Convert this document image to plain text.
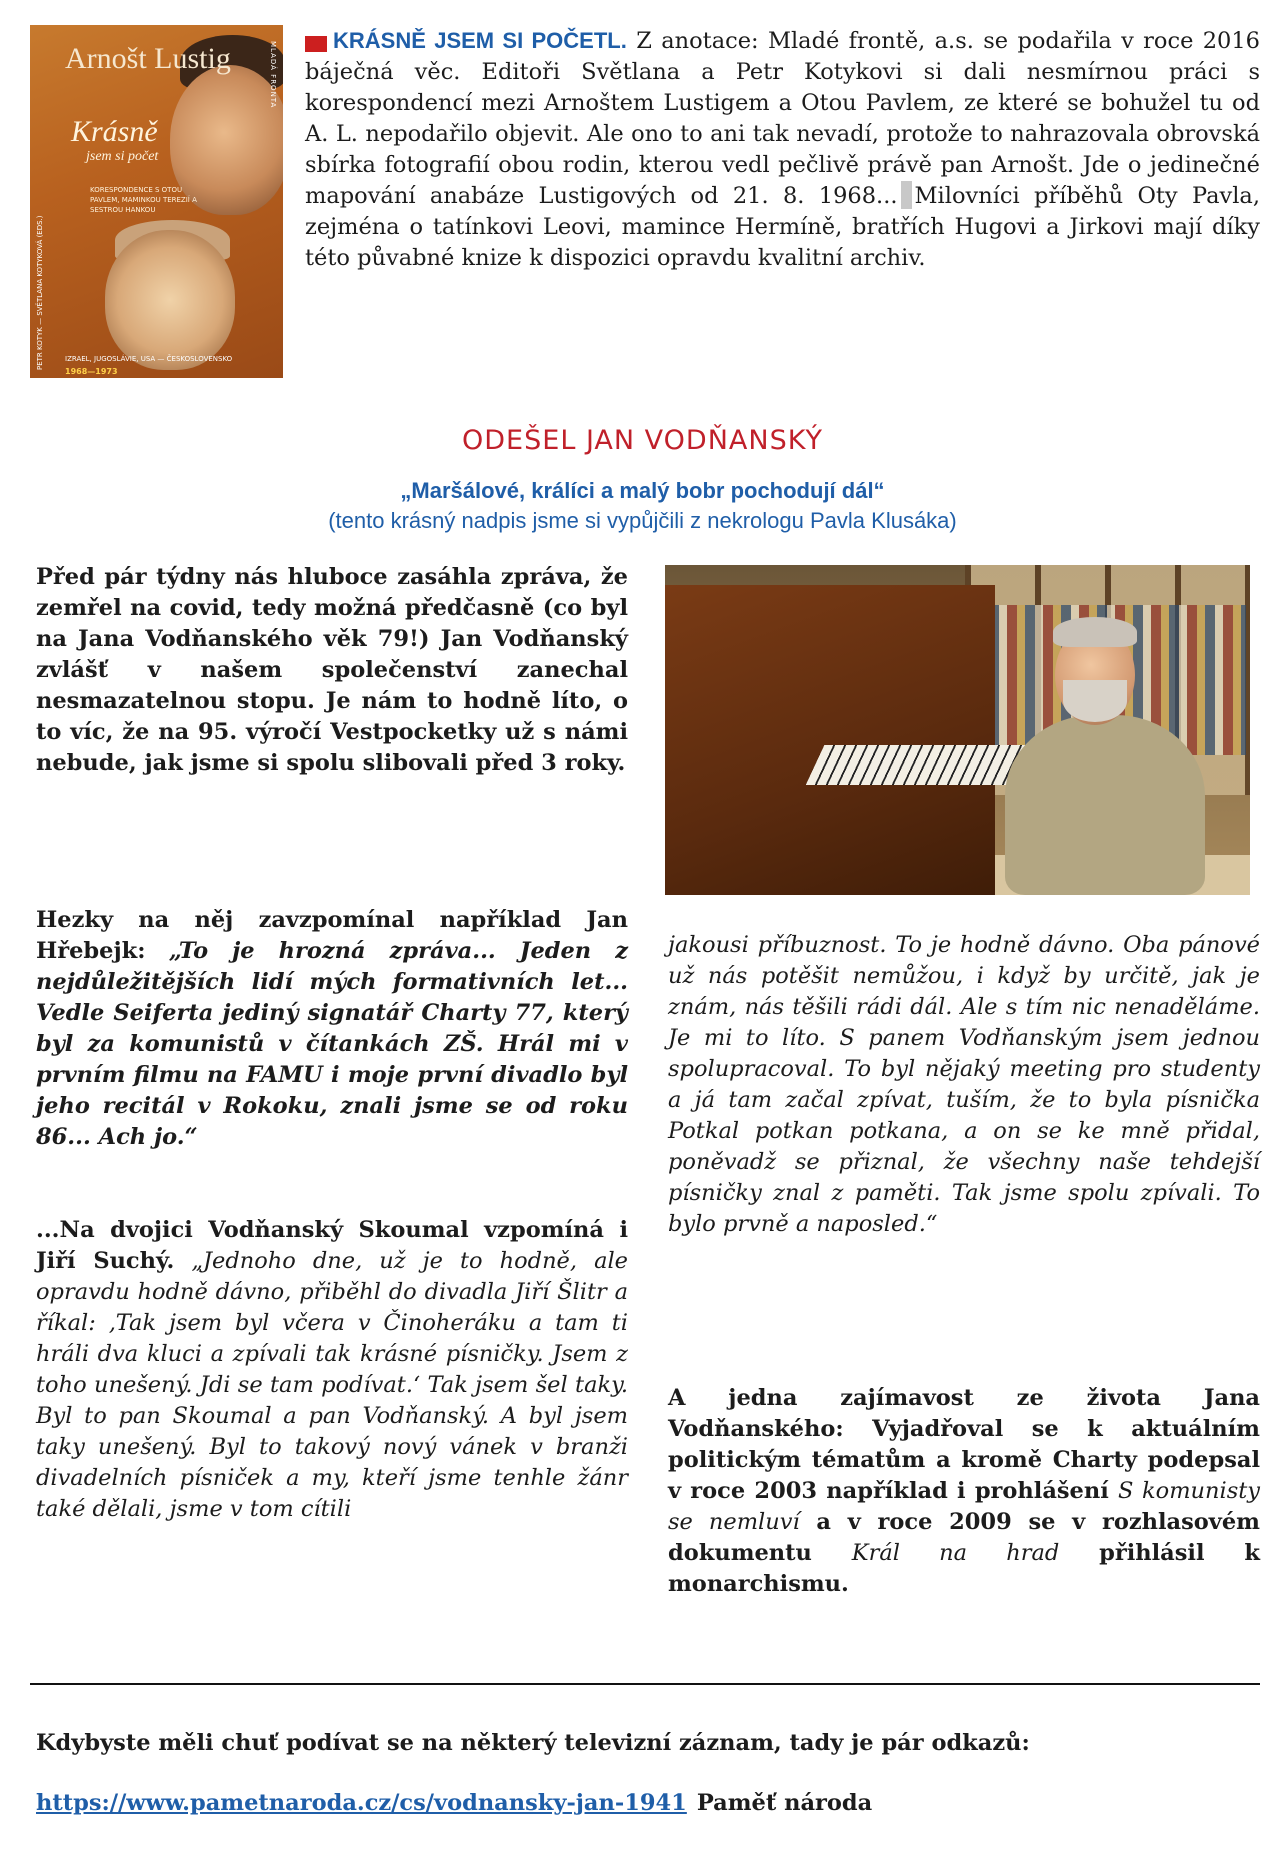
Arnošt Lustig
Krásně
jsem si počet
MLADÁ FRONTA
KORESPONDENCE S OTOU PAVLEM, MAMINKOU TEREZIÍ A SESTROU HANKOU
PETR KOTYK — SVĚTLANA KOTYKOVÁ (EDS.)	IZRAEL, JUGOSLÁVIE, USA — ČESKOSLOVENSKO
1968—1973

KRÁSNĚ JSEM SI POČETL. Z anotace: Mladé frontě, a.s. se podařila v roce 2016 báječná věc. Editoři Světlana a Petr Kotykovi si dali nesmírnou práci s korespondencí mezi Arnoštem Lustigem a Otou Pavlem, ze které se bohužel tu od A. L. nepodařilo objevit. Ale ono to ani tak nevadí, protože to nahrazovala obrovská sbírka fotografií obou rodin, kterou vedl pečlivě právě pan Arnošt. Jde o jedinečné mapování anabáze Lustigových od 21. 8. 1968... Milovníci příběhů Oty Pavla, zejména o tatínkovi Leovi, mamince Hermíně, bratřích Hugovi a Jirkovi mají díky této půvabné knize k dispozici opravdu kvalitní archiv.

ODEŠEL JAN VODŇANSKÝ
„Maršálové, králíci a malý bobr pochodují dál“
(tento krásný nadpis jsme si vypůjčili z nekrologu Pavla Klusáka)

Před pár týdny nás hluboce zasáhla zpráva, že zemřel na covid, tedy možná předčasně (co byl na Jana Vodňanského věk 79!) Jan Vodňanský zvlášť v našem společenství zanechal nesmazatelnou stopu. Je nám to hodně líto, o to víc, že na 95. výročí Vestpocketky už s námi nebude, jak jsme si spolu slibovali před 3 roky.

Hezky na něj zavzpomínal například Jan Hřebejk: „To je hrozná zpráva... Jeden z nejdůležitějších lidí mých formativních let... Vedle Seiferta jediný signatář Charty 77, který byl za komunistů v čítankách ZŠ. Hrál mi v prvním filmu na FAMU i moje první divadlo byl jeho recitál v Rokoku, znali jsme se od roku 86... Ach jo.“

...Na dvojici Vodňanský Skoumal vzpomíná i Jiří Suchý. „Jednoho dne, už je to hodně, ale opravdu hodně dávno, přiběhl do divadla Jiří Šlitr a říkal: ‚Tak jsem byl včera v Činoheráku a tam ti hráli dva kluci a zpívali tak krásné písničky. Jsem z toho unešený. Jdi se tam podívat.‘ Tak jsem šel taky. Byl to pan Skoumal a pan Vodňanský. A byl jsem taky unešený. Byl to takový nový vánek v branži divadelních písniček a my, kteří jsme tenhle žánr také dělali, jsme v tom cítili

jakousi příbuznost. To je hodně dávno. Oba pánové už nás potěšit nemůžou, i když by určitě, jak je znám, nás těšili rádi dál. Ale s tím nic nenaděláme. Je mi to líto. S panem Vodňanským jsem jednou spolupracoval. To byl nějaký meeting pro studenty a já tam začal zpívat, tuším, že to byla písnička Potkal potkan potkana, a on se ke mně přidal, poněvadž se přiznal, že všechny naše tehdejší písničky znal z paměti. Tak jsme spolu zpívali. To bylo prvně a naposled.“

A jedna zajímavost ze života Jana Vodňanského: Vyjadřoval se k aktuálním politickým tématům a kromě Charty podepsal v roce 2003 například i prohlášení S komunisty se nemluví a v roce 2009 se v rozhlasovém dokumentu Král na hrad přihlásil k monarchismu.

Kdybyste měli chuť podívat se na některý televizní záznam, tady je pár odkazů:
https://www.pametnaroda.cz/cs/vodnansky-jan-1941 Paměť národa
